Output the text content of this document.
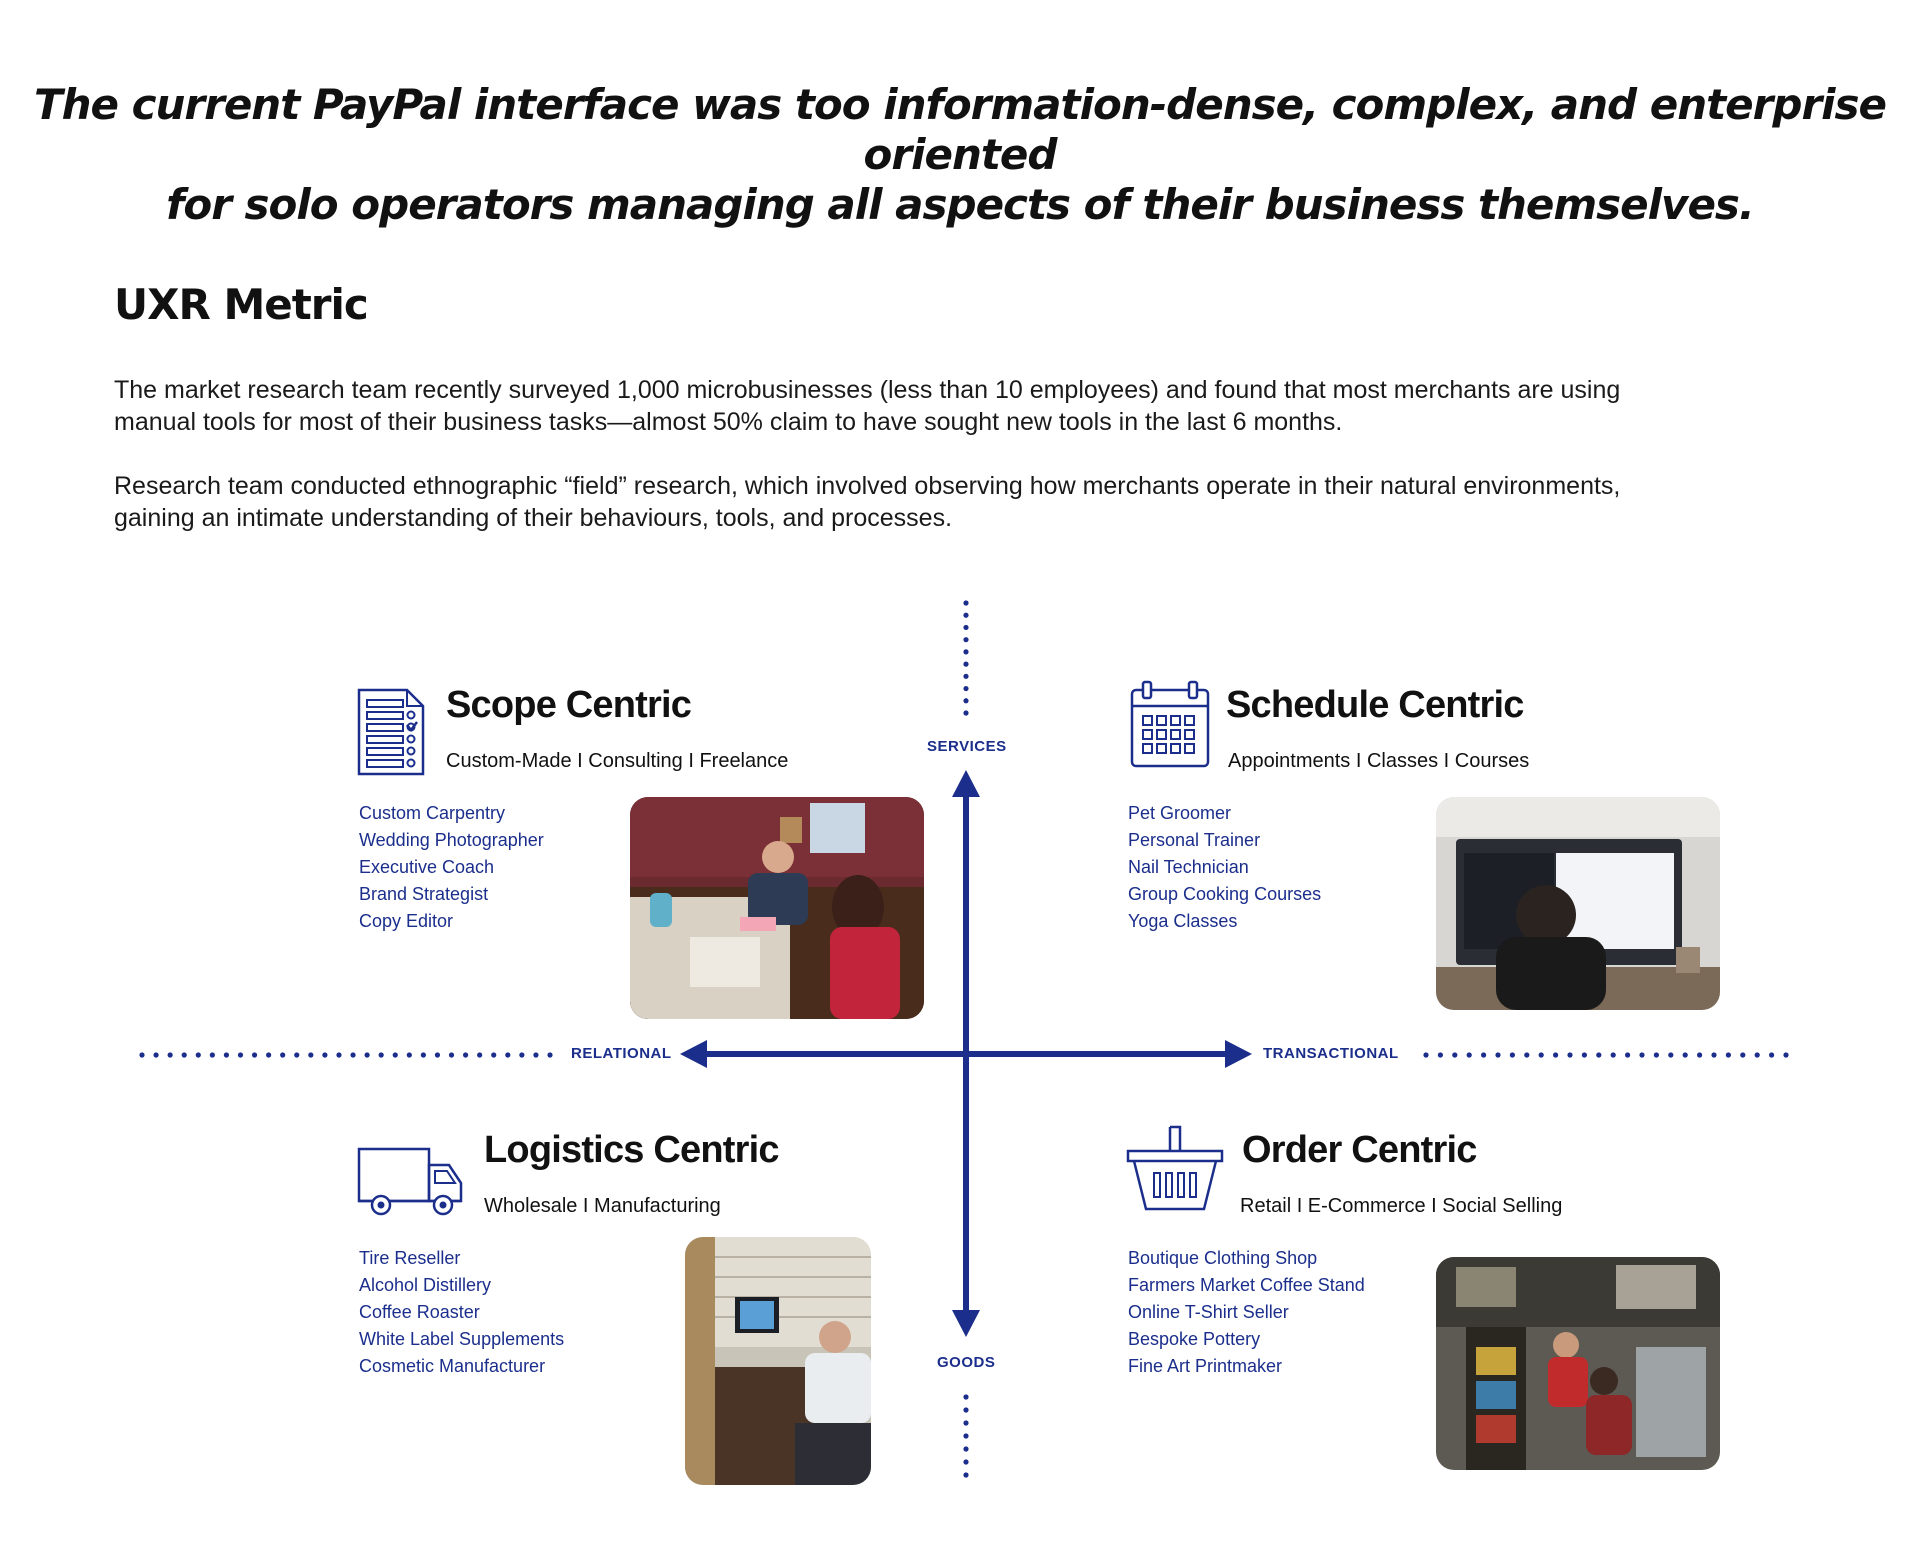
The current PayPal interface was too information-dense, complex, and enterprise oriented
for solo operators managing all aspects of their business themselves.
UXR Metric
The market research team recently surveyed 1,000 microbusinesses (less than 10 employees) and found that most merchants are using
manual tools for most of their business tasks—almost 50% claim to have sought new tools in the last 6 months.
Research team conducted ethnographic “field” research, which involved observing how merchants operate in their natural environments,
gaining an intimate understanding of their behaviours, tools, and processes.
SERVICES
GOODS
RELATIONAL	TRANSACTIONAL
Scope Centric
Custom-Made I Consulting I Freelance
Custom Carpentry
Wedding Photographer
Executive Coach
Brand Strategist
Copy Editor
Schedule Centric
Appointments I Classes I Courses
Pet Groomer
Personal Trainer
Nail Technician
Group Cooking Courses
Yoga Classes
Logistics Centric
Wholesale I Manufacturing
Tire Reseller
Alcohol Distillery
Coffee Roaster
White Label Supplements
Cosmetic Manufacturer
Order Centric
Retail I E-Commerce I Social Selling
Boutique Clothing Shop
Farmers Market Coffee Stand
Online T-Shirt Seller
Bespoke Pottery
Fine Art Printmaker
